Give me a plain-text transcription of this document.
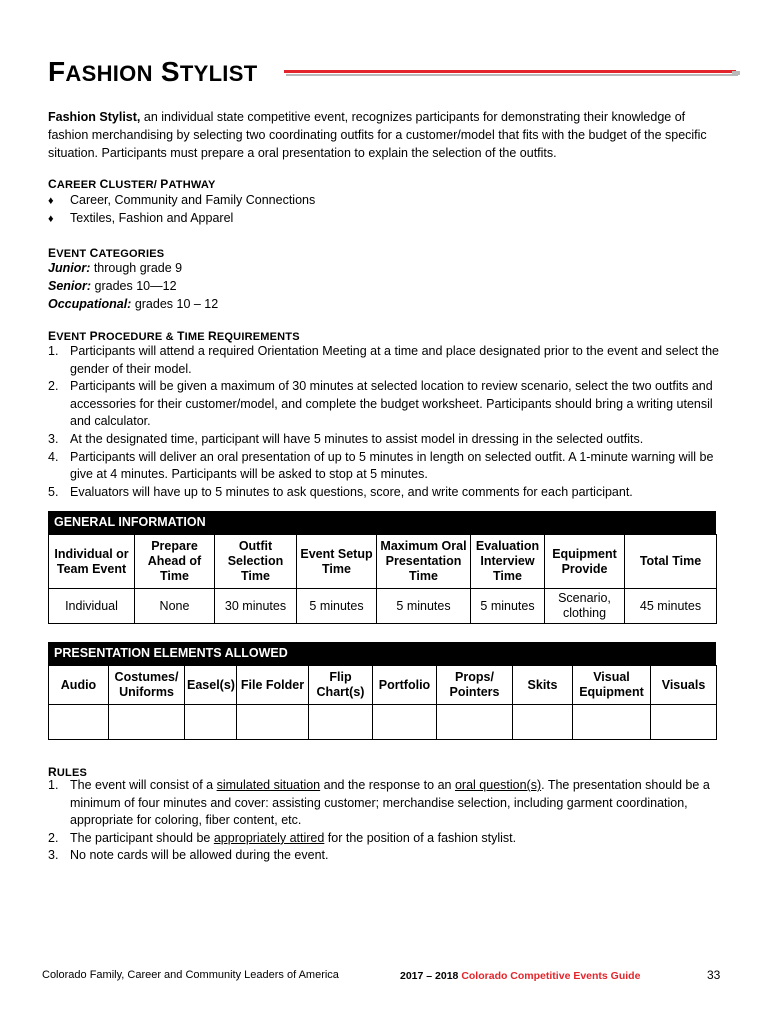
FASHION STYLIST
Fashion Stylist, an individual state competitive event, recognizes participants for demonstrating their knowledge of fashion merchandising by selecting two coordinating outfits for a customer/model that fits with the budget of the specific situation. Participants must prepare a oral presentation to explain the selection of the outfits.
CAREER CLUSTER/ PATHWAY
♦ Career, Community and Family Connections
♦ Textiles, Fashion and Apparel
EVENT CATEGORIES
Junior: through grade 9
Senior: grades 10—12
Occupational: grades 10 – 12
EVENT PROCEDURE & TIME REQUIREMENTS
1. Participants will attend a required Orientation Meeting at a time and place designated prior to the event and select the gender of their model.
2. Participants will be given a maximum of 30 minutes at selected location to review scenario, select the two outfits and accessories for their customer/model, and complete the budget worksheet. Participants should bring a writing utensil and calculator.
3. At the designated time, participant will have 5 minutes to assist model in dressing in the selected outfits.
4. Participants will deliver an oral presentation of up to 5 minutes in length on selected outfit. A 1-minute warning will be give at 4 minutes. Participants will be asked to stop at 5 minutes.
5. Evaluators will have up to 5 minutes to ask questions, score, and write comments for each participant.
GENERAL INFORMATION
Individual or Team Event	Prepare Ahead of Time	Outfit Selection Time	Event Setup Time	Maximum Oral Presentation Time	Evaluation Interview Time	Equipment Provide	Total Time
Individual	None	30 minutes	5 minutes	5 minutes	5 minutes	Scenario, clothing	45 minutes
PRESENTATION ELEMENTS ALLOWED
Audio	Costumes/ Uniforms	Easel(s)	File Folder	Flip Chart(s)	Portfolio	Props/ Pointers	Skits	Visual Equipment	Visuals

RULES
1. The event will consist of a simulated situation and the response to an oral question(s). The presentation should be a minimum of four minutes and cover: assisting customer; merchandise selection, including garment coordination, appropriate for coloring, fiber content, etc.
2. The participant should be appropriately attired for the position of a fashion stylist.
3. No note cards will be allowed during the event.
Colorado Family, Career and Community Leaders of America	2017 – 2018 Colorado Competitive Events Guide	33
